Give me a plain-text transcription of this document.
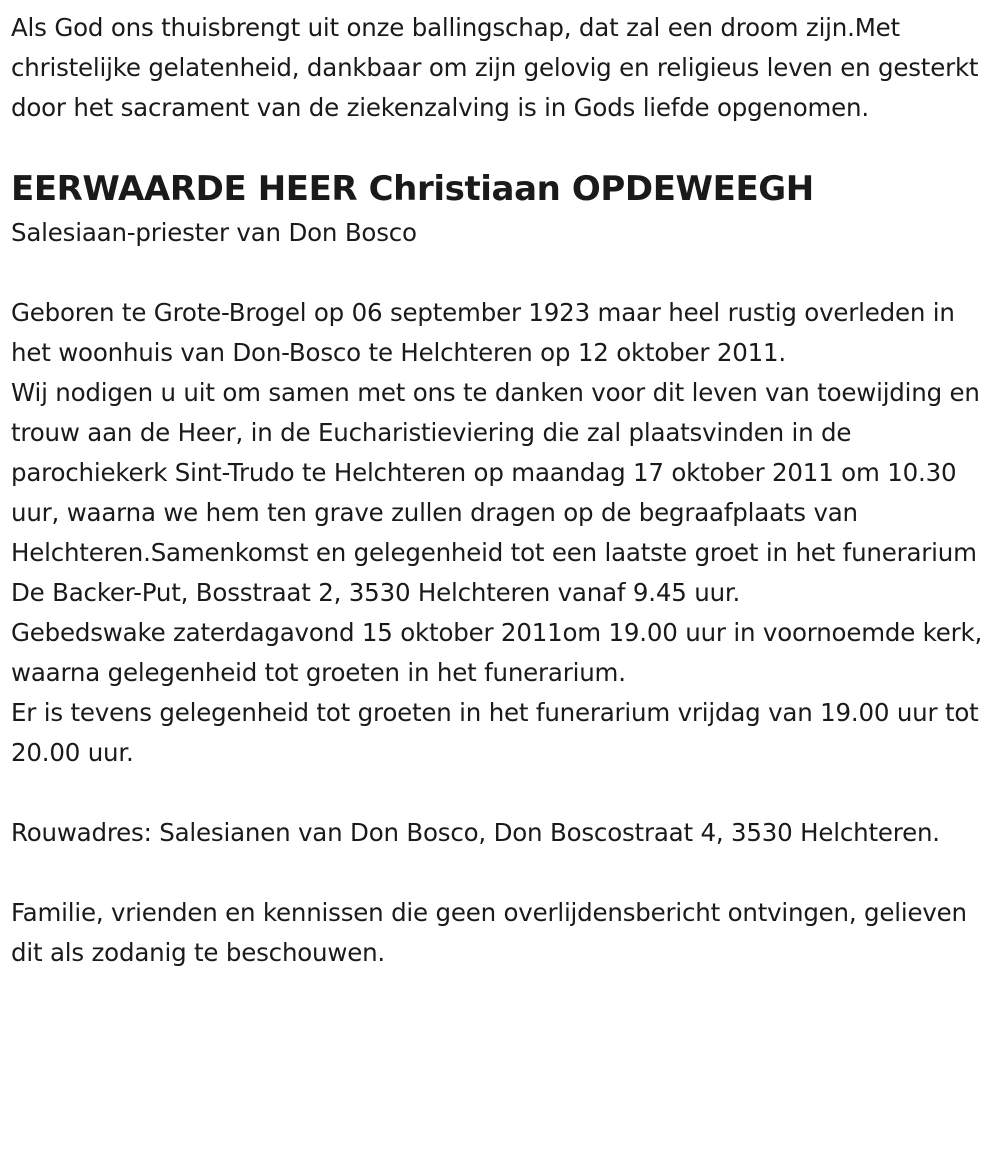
Als God ons thuisbrengt uit onze ballingschap, dat zal een droom zijn.Met christelijke gelatenheid, dankbaar om zijn gelovig en religieus leven en gesterkt door het sacrament van de ziekenzalving is in Gods liefde opgenomen.

EERWAARDE HEER Christiaan OPDEWEEGH

Salesiaan-priester van Don Bosco

Geboren te Grote-Brogel op 06 september 1923 maar heel rustig overleden in het woonhuis van Don-Bosco te Helchteren op 12 oktober 2011.

Wij nodigen u uit om samen met ons te danken voor dit leven van toewijding en trouw aan de Heer, in de Eucharistieviering die zal plaatsvinden in de parochiekerk Sint-Trudo te Helchteren op maandag 17 oktober 2011 om 10.30 uur, waarna we hem ten grave zullen dragen op de begraafplaats van Helchteren.Samenkomst en gelegenheid tot een laatste groet in het funerarium De Backer-Put, Bosstraat 2, 3530 Helchteren vanaf 9.45 uur.

Gebedswake zaterdagavond 15 oktober 2011om 19.00 uur in voornoemde kerk, waarna gelegenheid tot groeten in het funerarium.

Er is tevens gelegenheid tot groeten in het funerarium vrijdag van 19.00 uur tot 20.00 uur.

Rouwadres: Salesianen van Don Bosco, Don Boscostraat 4, 3530 Helchteren.

Familie, vrienden en kennissen die geen overlijdensbericht ontvingen, gelieven dit als zodanig te beschouwen.
